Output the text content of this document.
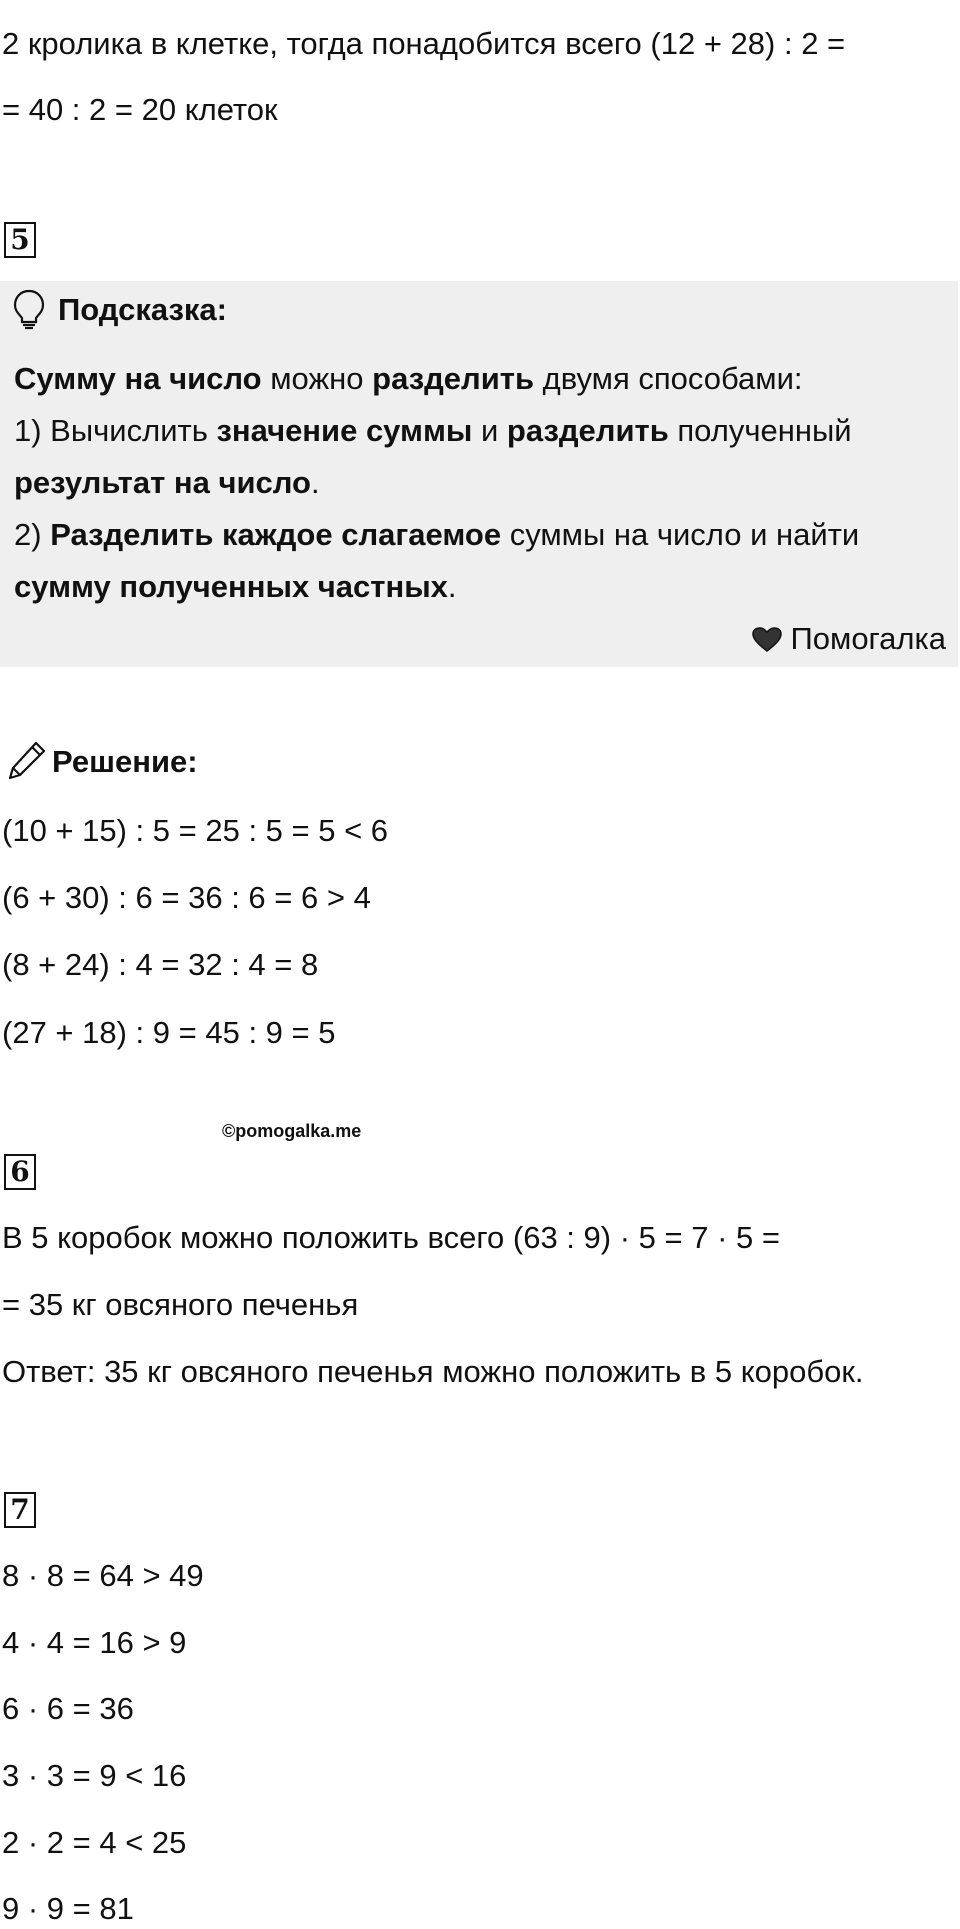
2 кролика в клетке, тогда понадобится всего (12 + 28) : 2 =
= 40 : 2 = 20 клеток
5
Подсказка:
Сумму на число можно разделить двумя способами:
1) Вычислить значение суммы и разделить полученный
результат на число.
2) Разделить каждое слагаемое суммы на число и найти
сумму полученных частных.
Помогалка
Решение:
(10 + 15) : 5 = 25 : 5 = 5 < 6
(6 + 30) : 6 = 36 : 6 = 6 > 4
(8 + 24) : 4 = 32 : 4 = 8
(27 + 18) : 9 = 45 : 9 = 5
©pomogalka.me
6
В 5 коробок можно положить всего (63 : 9) · 5 = 7 · 5 =
= 35 кг овсяного печенья
Ответ: 35 кг овсяного печенья можно положить в 5 коробок.
7
8 · 8 = 64 > 49
4 · 4 = 16 > 9
6 · 6 = 36
3 · 3 = 9 < 16
2 · 2 = 4 < 25
9 · 9 = 81
